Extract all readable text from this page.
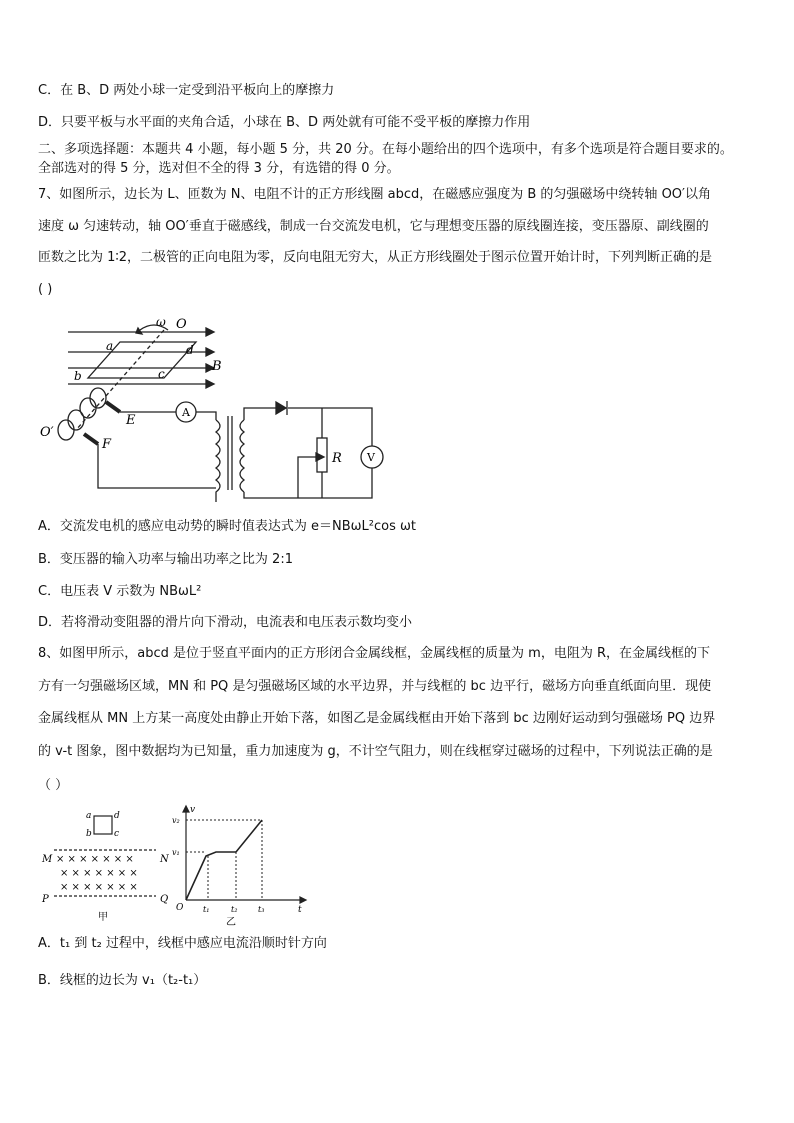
C．在 B、D 两处小球一定受到沿平板向上的摩擦力
D．只要平板与水平面的夹角合适，小球在 B、D 两处就有可能不受平板的摩擦力作用
二、多项选择题：本题共 4 小题，每小题 5 分，共 20 分。在每小题给出的四个选项中，有多个选项是符合题目要求的。
全部选对的得 5 分，选对但不全的得 3 分，有选错的得 0 分。
7、如图所示，边长为 L、匝数为 N、电阻不计的正方形线圈 abcd，在磁感应强度为 B 的匀强磁场中绕转轴 OO′以角
速度 ω 匀速转动，轴 OO′垂直于磁感线，制成一台交流发电机，它与理想变压器的原线圈连接，变压器原、副线圈的
匝数之比为 1∶2，二极管的正向电阻为零，反向电阻无穷大，从正方形线圈处于图示位置开始计时，下列判断正确的是
( )
ω O
O′
B
a
b	c
d
E
F
A
R V
A．交流发电机的感应电动势的瞬时值表达式为 e＝NBωL²cos ωt
B．变压器的输入功率与输出功率之比为 2:1
C．电压表 V 示数为 NBωL²
D．若将滑动变阻器的滑片向下滑动，电流表和电压表示数均变小
8、如图甲所示，abcd 是位于竖直平面内的正方形闭合金属线框，金属线框的质量为 m，电阻为 R，在金属线框的下
方有一匀强磁场区域，MN 和 PQ 是匀强磁场区域的水平边界，并与线框的 bc 边平行，磁场方向垂直纸面向里．现使
金属线框从 MN 上方某一高度处由静止开始下落，如图乙是金属线框由开始下落到 bc 边刚好运动到匀强磁场 PQ 边界
的 v-t 图象，图中数据均为已知量，重力加速度为 g，不计空气阻力，则在线框穿过磁场的过程中，下列说法正确的是
（ ）
a	d
b c
M	N
P	Q
× × × × × × ×
× × × × × × ×
× × × × × × ×
甲
v
t
O
v₂
v₁
t₁	t₂	t₃
乙
A．t₁ 到 t₂ 过程中，线框中感应电流沿顺时针方向
B．线框的边长为 v₁（t₂-t₁）
